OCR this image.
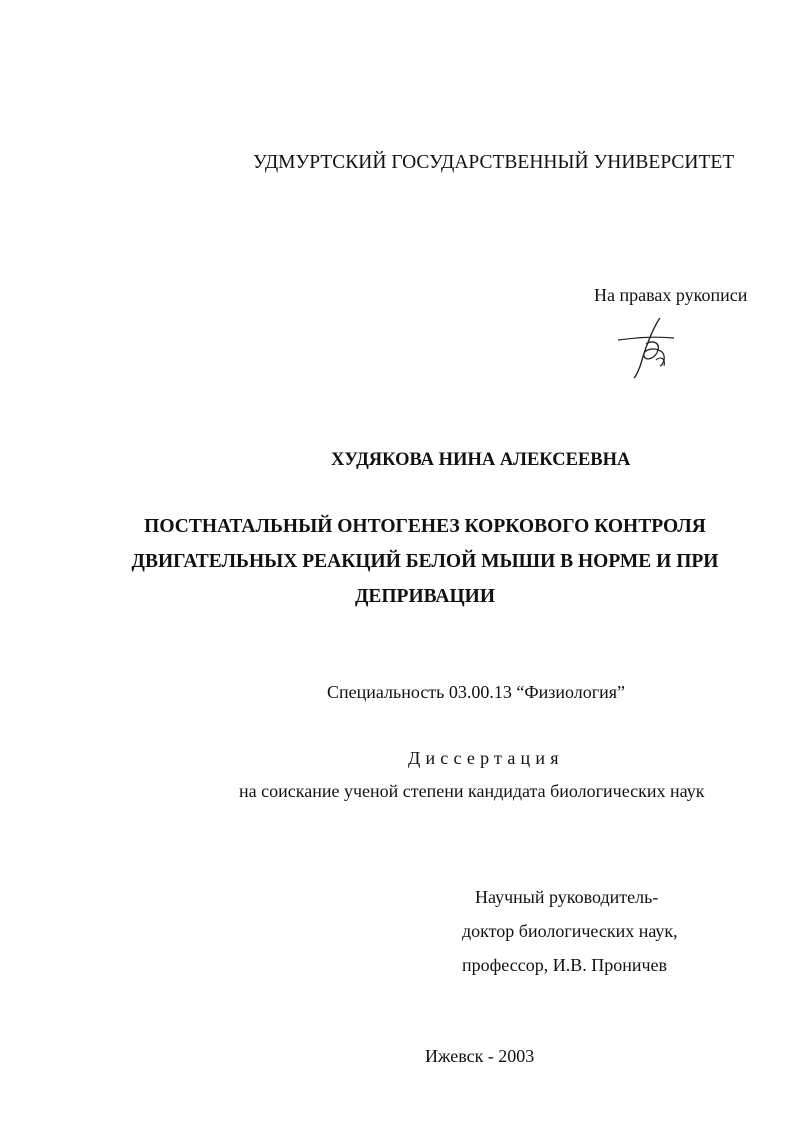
УДМУРТСКИЙ ГОСУДАРСТВЕННЫЙ УНИВЕРСИТЕТ
На правах рукописи
ХУДЯКОВА НИНА АЛЕКСЕЕВНА
ПОСТНАТАЛЬНЫЙ ОНТОГЕНЕЗ КОРКОВОГО КОНТРОЛЯ
ДВИГАТЕЛЬНЫХ РЕАКЦИЙ БЕЛОЙ МЫШИ В НОРМЕ И ПРИ
ДЕПРИВАЦИИ
Специальность 03.00.13 “Физиология”
Диссертация
на соискание ученой степени кандидата биологических наук
Научный руководитель-
доктор биологических наук,
профессор, И.В. Проничев
Ижевск - 2003
